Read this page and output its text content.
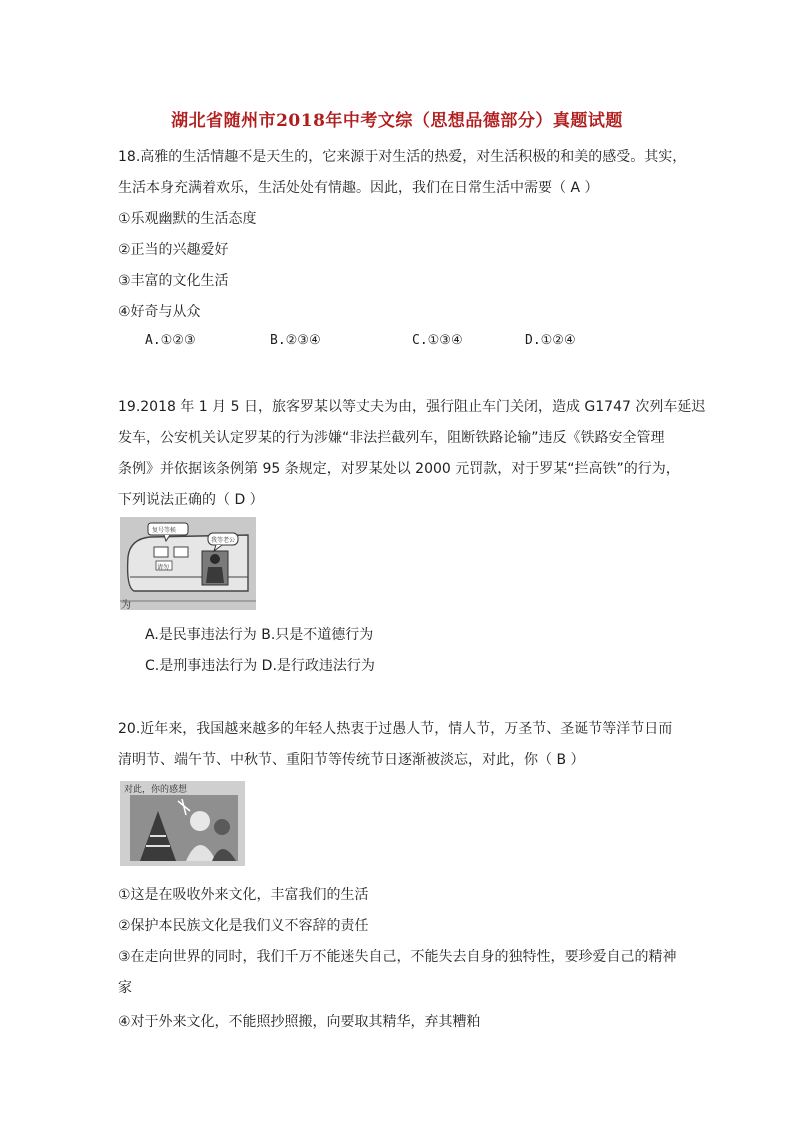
湖北省随州市2018年中考文综（思想品德部分）真题试题
18.高雅的生活情趣不是天生的，它来源于对生活的热爱，对生活积极的和美的感受。其实，
生活本身充满着欢乐，生活处处有情趣。因此，我们在日常生活中需要（ A ）
①乐观幽默的生活态度
②正当的兴趣爱好
③丰富的文化生活
④好奇与从众
A.①②③	B.②③④	C.①③④	D.①②④
19.2018 年 1 月 5 日，旅客罗某以等丈夫为由，强行阻止车门关闭，造成 G1747 次列车延迟
发车，公安机关认定罗某的行为涉嫌“非法拦截列车，阻断铁路论输”违反《铁路安全管理
条例》并依据该条例第 95 条规定，对罗某处以 2000 元罚款，对于罗某“拦高铁”的行为，
下列说法正确的（ D ）
复号等候
我等老公
请勿
为
A.是民事违法行为 B.只是不道德行为
C.是刑事违法行为 D.是行政违法行为
20.近年来，我国越来越多的年轻人热衷于过愚人节，情人节，万圣节、圣诞节等洋节日而
清明节、端午节、中秋节、重阳节等传统节日逐渐被淡忘，对此，你（ B ）
对此，你的感想
①这是在吸收外来文化，丰富我们的生活
②保护本民族文化是我们义不容辞的责任
③在走向世界的同时，我们千万不能迷失自己，不能失去自身的独特性，要珍爱自己的精神
家
④对于外来文化，不能照抄照搬，向要取其精华，弃其糟粕
